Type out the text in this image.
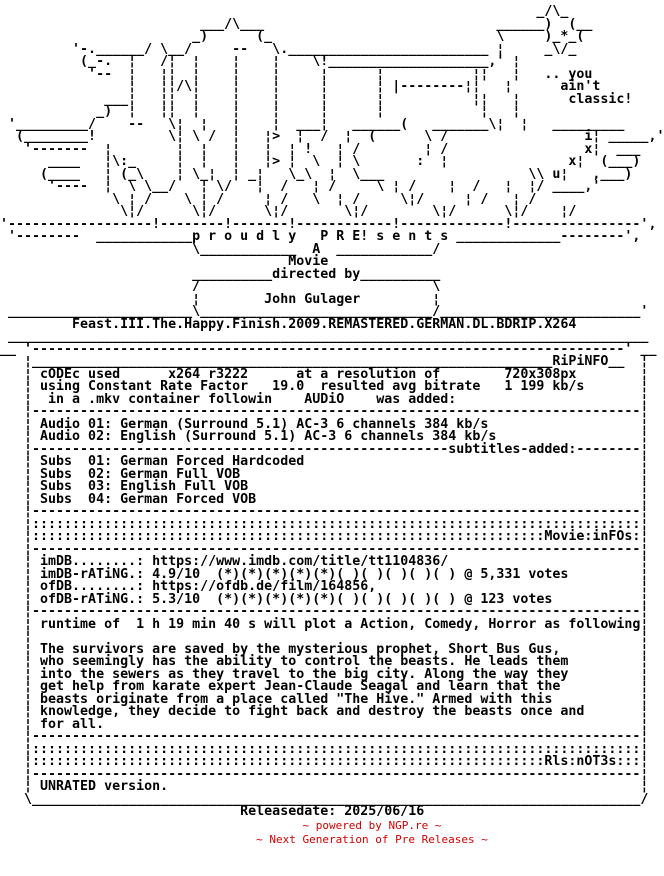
_/\_
___/\___                             ______)  (__
_)      (_                            \     )_*_(
'-.______/ \__/     --   \._________________________ ¦     _\/_
(_-.  ¦   /¦  ¦    ¦    ¦    \!____________________,' ¦
'--  ¦   ¦¦  ¦    ¦    ¦     ¦      ¦           ¦¦   ¦   .. you
¦   ¦¦/\¦    ¦    ¦     ¦      ¦ |--------¦¦   ¦      ain't
___¦   ¦¦  ¦    ¦    ¦     ¦      ¦           ¦¦   ¦      classic!
_)  ¦   ¦¦  ¦    ¦    ¦     ¦      ¦            ¦   ¦
'_________/    --   \¦  ¦   ¦    ¦  ___¦   ______(   _______\¦  ¦   _________
(________!         \¦ \ /  ¦   ¦>  ¦  /  ¦  (      \ /                 i¦ _____,'
'-------  ¦        ¦  ¦   ¦   ¦  ¦ !   ¦ /        ¦ /                 x¦  ___
____   ¦\:_     ¦  ¦   ¦   ¦> ¦  \  ¦ \       :  ¦               x¦  (___)
(____   ¦ (_\    ¦ \_¦  ¦ _¦   \_\  ¦  \___                  \\ u¦   ,___)
'----  ¦  \ \__/   ¦ \/   ¦  /   ¦ /     \ ¦ /    ¦  /   ¦  ¦/ ____,'
\ ¦ /    \ ¦ /     ¦ /   \  ¦ /     \¦/     ¦ /   ¦ /
\¦/      \¦/      \¦/       \¦/        \¦/      \¦/    ¦/
'------------------!--------!-------!------------!-------------!----------------',
'--------  ____________p r o u d l y   P R E! s e n t s _____________--------',
\____________  A  ____________/
Movie
__________directed by__________
/                             \
¦        John Gulager         ¦
_______________________\_____________________________/_________________________'
Feast.III.The.Happy.Finish.2009.REMASTERED.GERMAN.DL.BDRIP.X264
________________________________________________________________________________
__ '--------------------------------------------------------------------------' __
¦_________________________________________________________________RiPiNFO__  ¦
¦ cODEc used      x264 r3222      at a resolution of        720x308px        ¦
¦ using Constant Rate Factor   19.0  resulted avg bitrate   1 199 kb/s       ¦
¦  in a .mkv container followin    AUDiO    was added:                       ¦
¦----------------------------------------------------------------------------¦
¦ Audio 01: German (Surround 5.1) AC-3 6 channels 384 kb/s                   ¦
¦ Audio 02: English (Surround 5.1) AC-3 6 channels 384 kb/s                  ¦
¦----------------------------------------------------subtitles-added:--------¦
¦ Subs  01: German Forced Hardcoded                                          ¦
¦ Subs  02: German Full VOB                                                  ¦
¦ Subs  03: English Full VOB                                                 ¦
¦ Subs  04: German Forced VOB                                                ¦
¦----------------------------------------------------------------------------¦
¦::::::::::::::::::::::::::::::::::::::::::::::::::::::::::::::::::::::::::::¦
¦::::::::::::::::::::::::::::::::::::::::::::::::::::::::::::::::Movie:inFOs:¦
¦----------------------------------------------------------------------------¦
¦ imDB........: https://www.imdb.com/title/tt1104836/                        ¦
¦ imDB-rATiNG.: 4.9/10  (*)(*)(*)(*)(*)( )( )( )( )( ) @ 5,331 votes         ¦
¦ ofDB........: https://ofdb.de/film/164856,                                 ¦
¦ ofDB-rATiNG.: 5.3/10  (*)(*)(*)(*)(*)( )( )( )( )( ) @ 123 votes           ¦
¦----------------------------------------------------------------------------¦
¦ runtime of  1 h 19 min 40 s will plot a Action, Comedy, Horror as following¦
¦                                                                            ¦
¦ The survivors are saved by the mysterious prophet, Short Bus Gus,          ¦
¦ who seemingly has the ability to control the beasts. He leads them         ¦
¦ into the sewers as they travel to the big city. Along the way they         ¦
¦ get help from karate expert Jean-Claude Seagal and learn that the          ¦
¦ beasts originate from a place called "The Hive." Armed with this           ¦
¦ knowledge, they decide to fight back and destroy the beasts once and       ¦
¦ for all.                                                                   ¦
¦----------------------------------------------------------------------------¦
¦::::::::::::::::::::::::::::::::::::::::::::::::::::::::::::::::::::::::::::¦
¦::::::::::::::::::::::::::::::::::::::::::::::::::::::::::::::::Rls:nOT3s:::¦
¦----------------------------------------------------------------------------¦
¦ UNRATED version.                                                           ¦
\____________________________________________________________________________/
Releasedate: 2025/06/16
~ powered by NGP.re ~
~ Next Generation of Pre Releases ~
